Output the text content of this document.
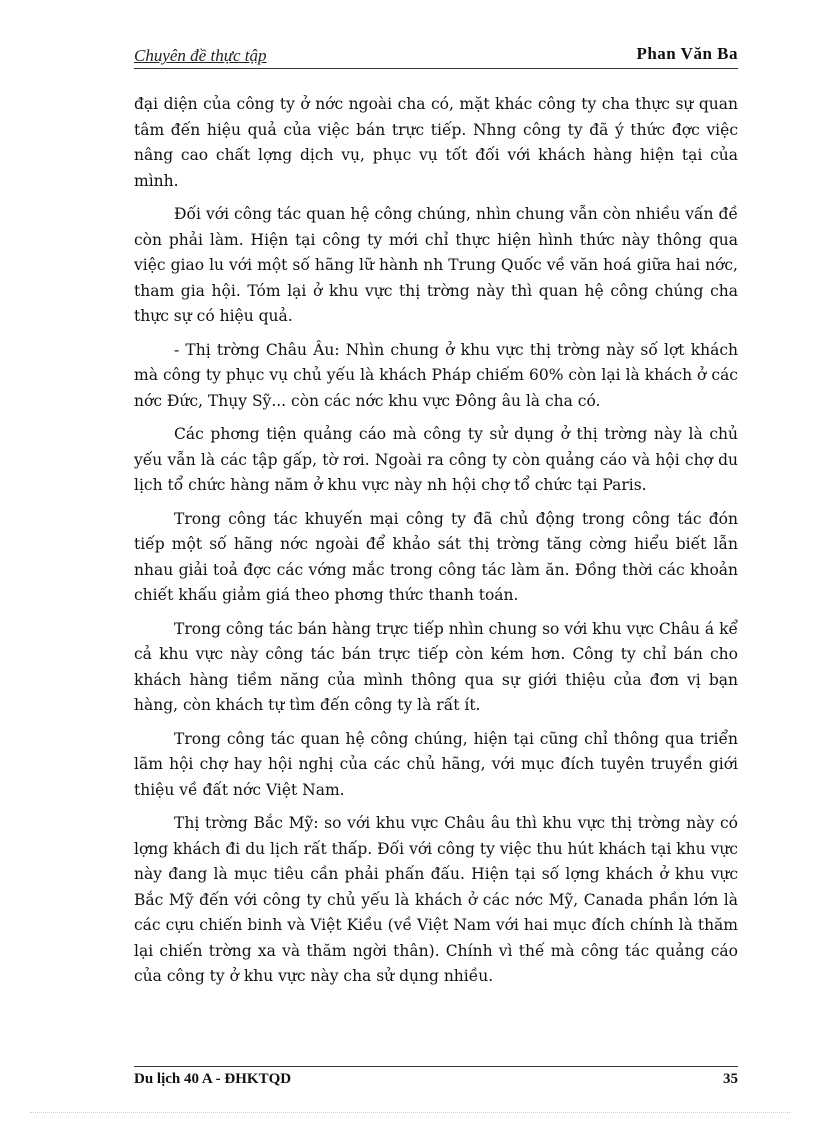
Chuyên đề thực tập	Phan Văn Ba

đại diện của công ty ở nớc ngoài cha có, mặt khác công ty cha thực sự quan tâm đến hiệu quả của việc bán trực tiếp. Nhng công ty đã ý thức đợc việc nâng cao chất lợng dịch vụ, phục vụ tốt đối với khách hàng hiện tại của mình.

Đối với công tác quan hệ công chúng, nhìn chung vẫn còn nhiều vấn đề còn phải làm. Hiện tại công ty mới chỉ thực hiện hình thức này thông qua việc giao lu với một số hãng lữ hành nh Trung Quốc về văn hoá giữa hai nớc, tham gia hội. Tóm lại ở khu vực thị trờng này thì quan hệ công chúng cha thực sự có hiệu quả.

- Thị trờng Châu Âu: Nhìn chung ở khu vực thị trờng này số lợt khách mà công ty phục vụ chủ yếu là khách Pháp chiếm 60% còn lại là khách ở các nớc Đức, Thụy Sỹ... còn các nớc khu vực Đông âu là cha có.

Các phơng tiện quảng cáo mà công ty sử dụng ở thị trờng này là chủ yếu vẫn là các tập gấp, tờ rơi. Ngoài ra công ty còn quảng cáo và hội chợ du lịch tổ chức hàng năm ở khu vực này nh hội chợ tổ chức tại Paris.

Trong công tác khuyến mại công ty đã chủ động trong công tác đón tiếp một số hãng nớc ngoài để khảo sát thị trờng tăng cờng hiểu biết lẫn nhau giải toả đợc các vớng mắc trong công tác làm ăn. Đồng thời các khoản chiết khấu giảm giá theo phơng thức thanh toán.

Trong công tác bán hàng trực tiếp nhìn chung so với khu vực Châu á kể cả khu vực này công tác bán trực tiếp còn kém hơn. Công ty chỉ bán cho khách hàng tiềm năng của mình thông qua sự giới thiệu của đơn vị bạn hàng, còn khách tự tìm đến công ty là rất ít.

Trong công tác quan hệ công chúng, hiện tại cũng chỉ thông qua triển lãm hội chợ hay hội nghị của các chủ hãng, với mục đích tuyên truyền giới thiệu về đất nớc Việt Nam.

Thị trờng Bắc Mỹ: so với khu vực Châu âu thì khu vực thị trờng này có lợng khách đi du lịch rất thấp. Đối với công ty việc thu hút khách tại khu vực này đang là mục tiêu cần phải phấn đấu. Hiện tại số lợng khách ở khu vực Bắc Mỹ đến với công ty chủ yếu là khách ở các nớc Mỹ, Canada phần lớn là các cựu chiến binh và Việt Kiều (về Việt Nam với hai mục đích chính là thăm lại chiến trờng xa và thăm ngời thân). Chính vì thế mà công tác quảng cáo của công ty ở khu vực này cha sử dụng nhiều.

Du lịch 40 A - ĐHKTQD	35
